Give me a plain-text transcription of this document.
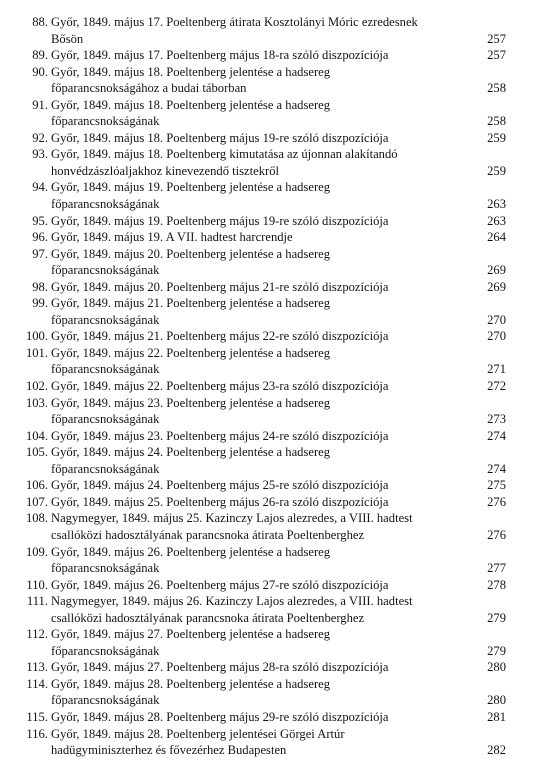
88. Győr, 1849. május 17. Poeltenberg átirata Kosztolányi Móric ezredesnek
Bősön	257
89. Győr, 1849. május 17. Poeltenberg május 18-ra szóló diszpozíciója	257
90. Győr, 1849. május 18. Poeltenberg jelentése a hadsereg
főparancsnokságához a budai táborban	258
91. Győr, 1849. május 18. Poeltenberg jelentése a hadsereg
főparancsnokságának	258
92. Győr, 1849. május 18. Poeltenberg május 19-re szóló diszpozíciója	259
93. Győr, 1849. május 18. Poeltenberg kimutatása az újonnan alakítandó
honvédzászlóaljakhoz kinevezendő tisztekről	259
94. Győr, 1849. május 19. Poeltenberg jelentése a hadsereg
főparancsnokságának	263
95. Győr, 1849. május 19. Poeltenberg május 19-re szóló diszpozíciója	263
96. Győr, 1849. május 19. A VII. hadtest harcrendje	264
97. Győr, 1849. május 20. Poeltenberg jelentése a hadsereg
főparancsnokságának	269
98. Győr, 1849. május 20. Poeltenberg május 21-re szóló diszpozíciója	269
99. Győr, 1849. május 21. Poeltenberg jelentése a hadsereg
főparancsnokságának	270
100. Győr, 1849. május 21. Poeltenberg május 22-re szóló diszpozíciója	270
101. Győr, 1849. május 22. Poeltenberg jelentése a hadsereg
főparancsnokságának	271
102. Győr, 1849. május 22. Poeltenberg május 23-ra szóló diszpozíciója	272
103. Győr, 1849. május 23. Poeltenberg jelentése a hadsereg
főparancsnokságának	273
104. Győr, 1849. május 23. Poeltenberg május 24-re szóló diszpozíciója	274
105. Győr, 1849. május 24. Poeltenberg jelentése a hadsereg
főparancsnokságának	274
106. Győr, 1849. május 24. Poeltenberg május 25-re szóló diszpozíciója	275
107. Győr, 1849. május 25. Poeltenberg május 26-ra szóló diszpozíciója	276
108. Nagymegyer, 1849. május 25. Kazinczy Lajos alezredes, a VIII. hadtest
csallóközi hadosztályának parancsnoka átirata Poeltenberghez	276
109. Győr, 1849. május 26. Poeltenberg jelentése a hadsereg
főparancsnokságának	277
110. Győr, 1849. május 26. Poeltenberg május 27-re szóló diszpozíciója	278
111. Nagymegyer, 1849. május 26. Kazinczy Lajos alezredes, a VIII. hadtest
csallóközi hadosztályának parancsnoka átirata Poeltenberghez	279
112. Győr, 1849. május 27. Poeltenberg jelentése a hadsereg
főparancsnokságának	279
113. Győr, 1849. május 27. Poeltenberg május 28-ra szóló diszpozíciója	280
114. Győr, 1849. május 28. Poeltenberg jelentése a hadsereg
főparancsnokságának	280
115. Győr, 1849. május 28. Poeltenberg május 29-re szóló diszpozíciója	281
116. Győr, 1849. május 28. Poeltenberg jelentései Görgei Artúr
hadügyminiszterhez és fővezérhez Budapesten	282
